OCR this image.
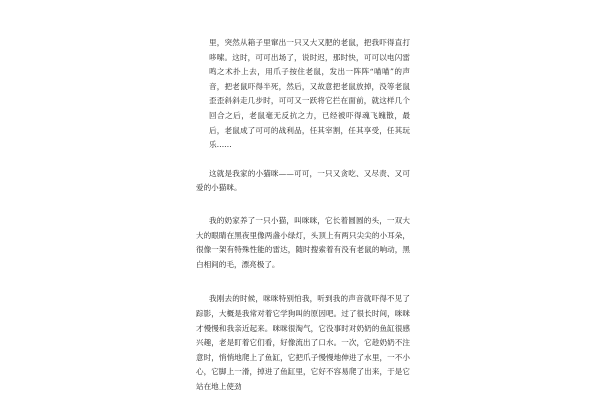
里，突然从箱子里窜出一只又大又肥的老鼠，把我吓得直打哆嗦。这时，可可出场了，说时迟，那时快，可可以电闪雷鸣之术扑上去，用爪子按住老鼠，发出一阵阵“喵喵”的声音，把老鼠吓得半死，然后，又故意把老鼠放掉，没等老鼠歪歪斜斜走几步时，可可又一跃将它拦在面前，就这样几个回合之后，老鼠毫无反抗之力，已经被吓得魂飞魄散，最后，老鼠成了可可的战利品，任其宰割，任其享受，任其玩乐……

这就是我家的小猫咪——可可，一只又贪吃、又尽责、又可爱的小猫咪。

我的奶家养了一只小猫，叫咪咪，它长着圆圆的头，一双大大的眼睛在黑夜里像两盏小绿灯，头顶上有两只尖尖的小耳朵，很像一架有特殊性能的雷达，随时搜索着有没有老鼠的响动，黑白相间的毛，漂亮极了。

我刚去的时候，咪咪特别怕我，听到我的声音就吓得不见了踪影，大概是我常对着它学狗叫的原因吧。过了很长时间，咪咪才慢慢和我亲近起来。咪咪很淘气，它没事时对奶奶的鱼缸很感兴趣，老是盯着它们看，好像流出了口水。一次，它趁奶奶不注意时，悄悄地爬上了鱼缸，它把爪子慢慢地伸进了水里，一不小心，它脚上一滑，掉进了鱼缸里，它好不容易爬了出来，于是它站在地上使劲
